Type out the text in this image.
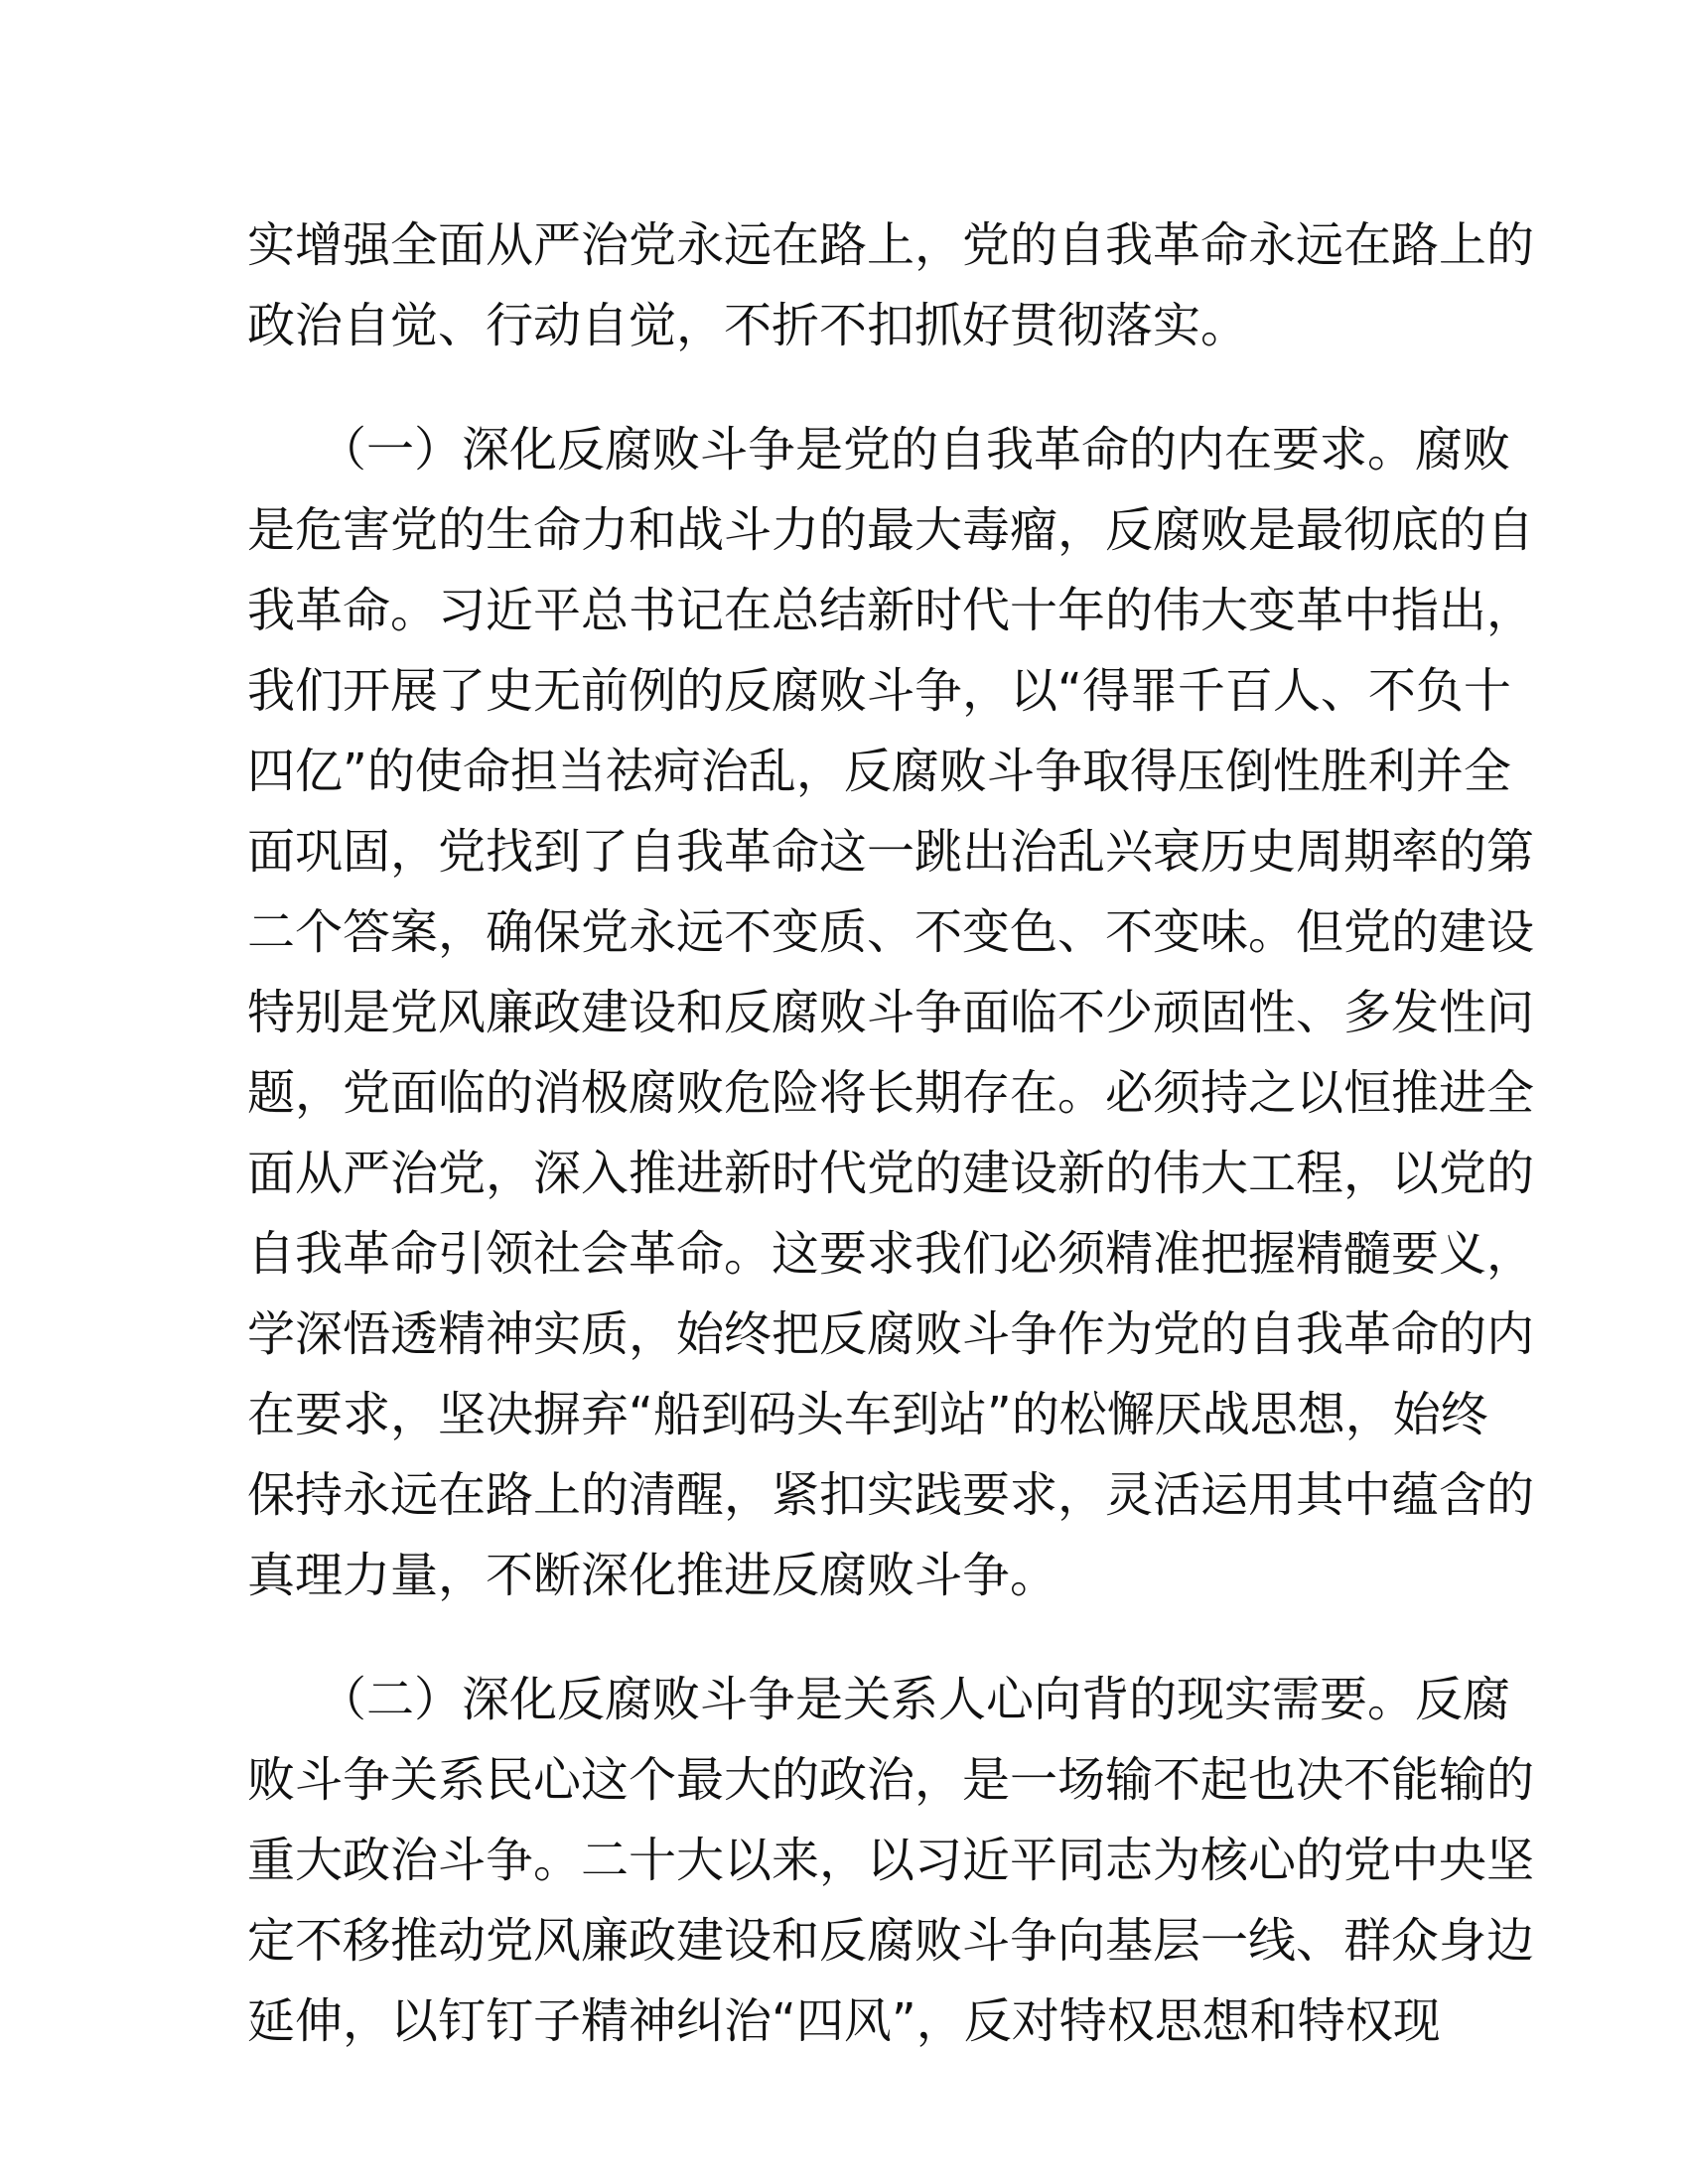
实增强全面从严治党永远在路上，党的自我革命永远在路上的
政治自觉、行动自觉，不折不扣抓好贯彻落实。
　　（一）深化反腐败斗争是党的自我革命的内在要求。腐败
是危害党的生命力和战斗力的最大毒瘤，反腐败是最彻底的自
我革命。习近平总书记在总结新时代十年的伟大变革中指出，
我们开展了史无前例的反腐败斗争，以“得罪千百人、不负十
四亿”的使命担当祛疴治乱，反腐败斗争取得压倒性胜利并全
面巩固，党找到了自我革命这一跳出治乱兴衰历史周期率的第
二个答案，确保党永远不变质、不变色、不变味。但党的建设
特别是党风廉政建设和反腐败斗争面临不少顽固性、多发性问
题，党面临的消极腐败危险将长期存在。必须持之以恒推进全
面从严治党，深入推进新时代党的建设新的伟大工程，以党的
自我革命引领社会革命。这要求我们必须精准把握精髓要义，
学深悟透精神实质，始终把反腐败斗争作为党的自我革命的内
在要求，坚决摒弃“船到码头车到站”的松懈厌战思想，始终
保持永远在路上的清醒，紧扣实践要求，灵活运用其中蕴含的
真理力量，不断深化推进反腐败斗争。
　　（二）深化反腐败斗争是关系人心向背的现实需要。反腐
败斗争关系民心这个最大的政治，是一场输不起也决不能输的
重大政治斗争。二十大以来，以习近平同志为核心的党中央坚
定不移推动党风廉政建设和反腐败斗争向基层一线、群众身边
延伸，以钉钉子精神纠治“四风”，反对特权思想和特权现
